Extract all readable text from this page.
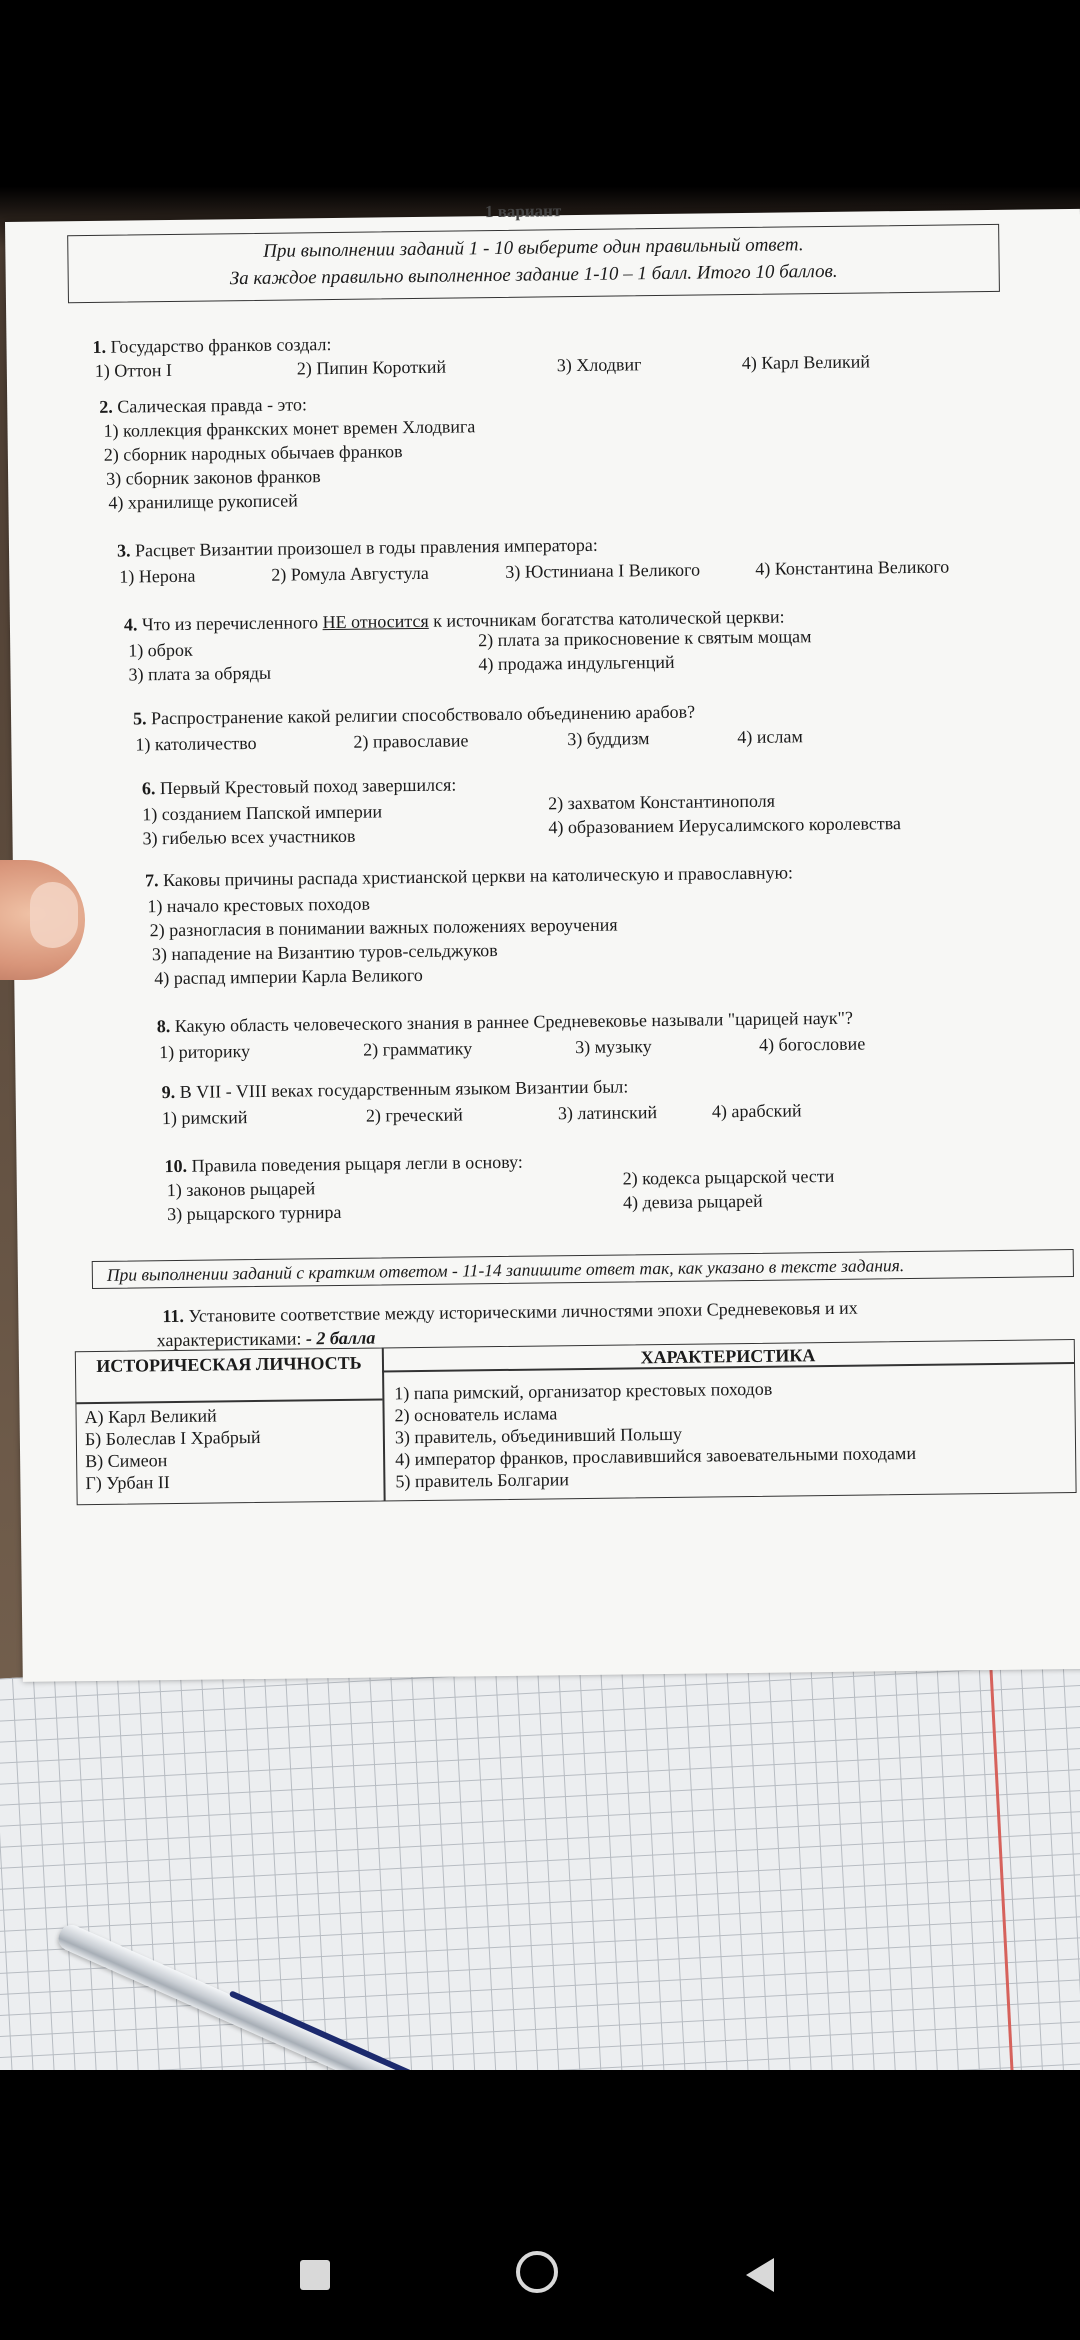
1 вариант
При выполнении заданий 1 - 10 выберите один правильный ответ.
За каждое правильно выполненное задание 1-10 – 1 балл. Итого 10 баллов.
1. Государство франков создал:
1) Оттон I	2) Пипин Короткий	3) Хлодвиг	4) Карл Великий
2. Салическая правда - это:
1) коллекция франкских монет времен Хлодвига
2) сборник народных обычаев франков
3) сборник законов франков
4) хранилище рукописей
3. Расцвет Византии произошел в годы правления императора:
1) Нерона	2) Ромула Августула	3) Юстиниана I Великого	4) Константина Великого
4. Что из перечисленного НЕ относится к источникам богатства католической церкви:
1) оброк	2) плата за прикосновение к святым мощам
3) плата за обряды	4) продажа индульгенций
5. Распространение какой религии способствовало объединению арабов?
1) католичество	2) православие	3) буддизм	4) ислам
6. Первый Крестовый поход завершился:
1) созданием Папской империи	2) захватом Константинополя
3) гибелью всех участников	4) образованием Иерусалимского королевства
7. Каковы причины распада христианской церкви на католическую и православную:
1) начало крестовых походов
2) разногласия в понимании важных положениях вероучения
3) нападение на Византию туров-сельджуков
4) распад империи Карла Великого
8. Какую область человеческого знания в раннее Средневековье называли "царицей наук"?
1) риторику	2) грамматику	3) музыку	4) богословие
9. В VII - VIII веках государственным языком Византии был:
1) римский	2) греческий	3) латинский	4) арабский
10. Правила поведения рыцаря легли в основу:
1) законов рыцарей
2) кодекса рыцарской чести
3) рыцарского турнира
4) девиза рыцарей
При выполнении заданий с кратким ответом - 11-14 запишите ответ так, как указано в тексте задания.
11. Установите соответствие между историческими личностями эпохи Средневековья и их
характеристиками: - 2 балла
ИСТОРИЧЕСКАЯ ЛИЧНОСТЬ	ХАРАКТЕРИСТИКА
А) Карл Великий
Б) Болеслав I Храбрый
В) Симеон
Г) Урбан II
1) папа римский, организатор крестовых походов
2) основатель ислама
3) правитель, объединивший Польшу
4) император франков, прославившийся завоевательными походами
5) правитель Болгарии
